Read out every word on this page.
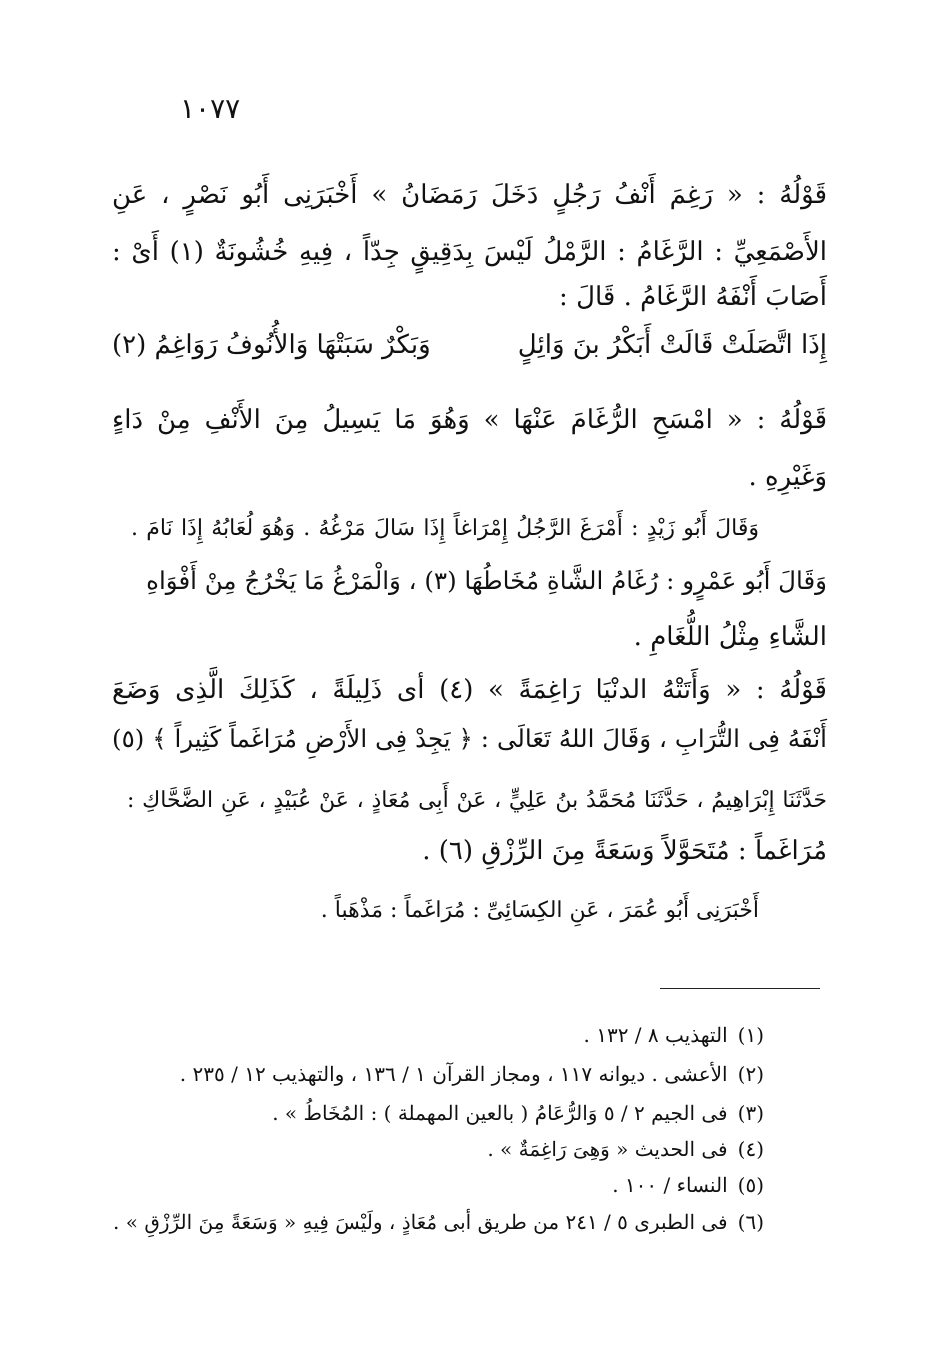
١٠٧٧
قَوْلُهُ : « رَغِمَ أَنْفُ رَجُلٍ دَخَلَ رَمَضَانُ » أَخْبَرَنِى أَبُو نَصْرٍ ، عَنِ
الأَصْمَعِيِّ : الرَّغَامُ : الرَّمْلُ لَيْسَ بِدَقِيقٍ جِدّاً ، فِيهِ خُشُونَةٌ (١) أَىْ :
أَصَابَ أَنْفَهُ الرَّغَامُ . قَالَ :
إِذَا اتَّصَلَتْ قَالَتْ أَبَكْرُ بنَ وَائِلٍ
وَبَكْرٌ سَبَتْهَا وَالأُنُوفُ رَوَاغِمُ (٢)
قَوْلُهُ : « امْسَحِ الرُّغَامَ عَنْهَا » وَهُوَ مَا يَسِيلُ مِنَ الأَنْفِ مِنْ دَاءٍ
وَغَيْرِهِ .
وَقَالَ أَبُو زَيْدٍ : أَمْرَغَ الرَّجُلُ إِمْرَاغاً إِذَا سَالَ مَرْغُهُ . وَهُوَ لُعَابُهُ إِذَا نَامَ .
وَقَالَ أَبُو عَمْرٍو : رُغَامُ الشَّاةِ مُخَاطُهَا (٣) ، وَالْمَرْغُ مَا يَخْرُجُ مِنْ أَفْوَاهِ
الشَّاءِ مِثْلُ اللُّغَامِ .
قَوْلُهُ : « وَأَتَتْهُ الدنْيَا رَاغِمَةً » (٤) أى ذَلِيلَةً ، كَذَلِكَ الَّذِى وَضَعَ
أَنْفَهُ فِى التُّرَابِ ، وَقَالَ اللهُ تَعَالَى : ﴿ يَجِدْ فِى الأَرْضِ مُرَاغَماً كَثِيراً ﴾ (٥)
حَدَّثَنَا إِبْرَاهِيمُ ، حَدَّثَنَا مُحَمَّدُ بنُ عَلِيٍّ ، عَنْ أَبِى مُعَاذٍ ، عَنْ عُبَيْدٍ ، عَنِ الضَّحَّاكِ :
مُرَاغَماً : مُتَحَوَّلاً وَسَعَةً مِنَ الرِّزْقِ (٦) .
أَخْبَرَنِى أَبُو عُمَرَ ، عَنِ الكِسَائِىِّ : مُرَاغَماً : مَذْهَباً .
(١)التهذيب ٨ / ١٣٢ .
(٢)الأعشى . ديوانه ١١٧ ، ومجاز القرآن ١ / ١٣٦ ، والتهذيب ١٢ / ٢٣٥ .
(٣)فى الجيم ٢ / ٥ وَالرُّعَامُ ( بالعين المهملة ) : المُخَاطُ » .
(٤)فى الحديث « وَهِىَ رَاغِمَةٌ » .
(٥)النساء / ١٠٠ .
(٦)فى الطبرى ٥ / ٢٤١ من طريق أبى مُعَاذٍ ، ولَيْسَ فِيهِ « وَسَعَةً مِنَ الرِّزْقِ » .
